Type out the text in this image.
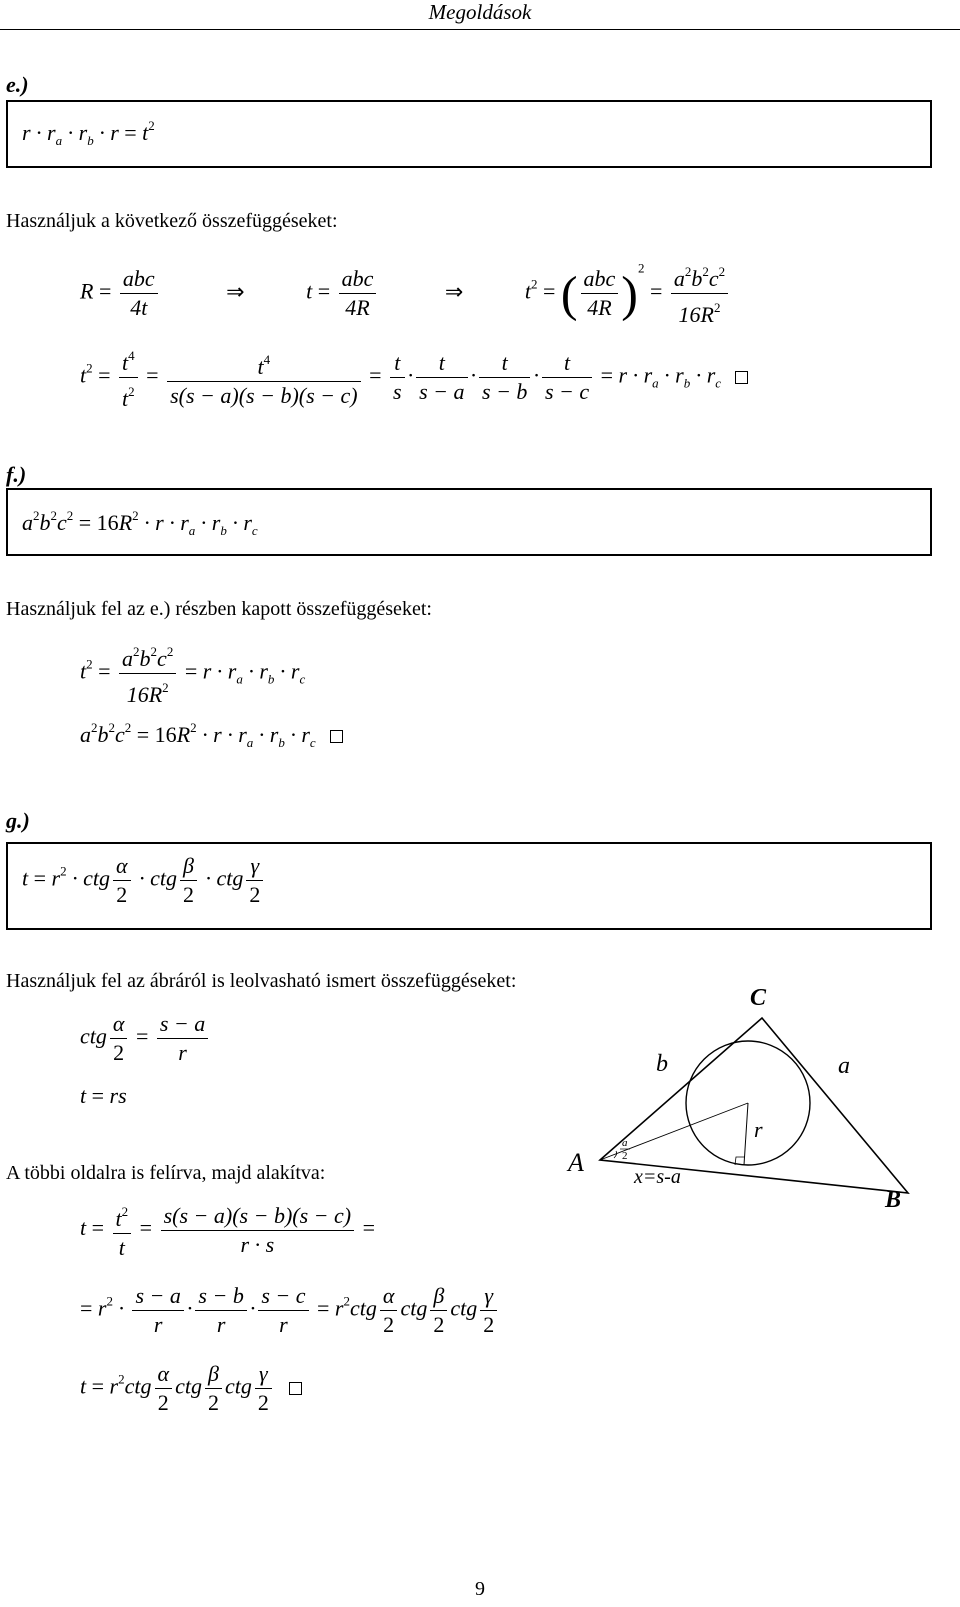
Megoldások
e.)
$r \cdot r_a \cdot r_b \cdot r = t^2$
Használjuk a következő összefüggéseket:
$R = \frac{\text{abc}}{4t}$	⇒	$t = \frac{\text{abc}}{4R}$	⇒	$t^2$ = ( $\frac{\text{abc}}{4R} )^2 = \frac{a^2b^2c^2}{16R^2}$
$t^2 = \frac{t^4}{t^2} = \frac{t^4}{s(s - a)(s - b)(s - c)} = \frac{t}{s} \cdot \frac{t}{s - a} \cdot \frac{t}{s - b} \cdot \frac{t}{s - c} = r \cdot r_a \cdot r_b \cdot r_c$
f.)
$a^2b^2c^2 = 16R^2 \cdot r \cdot r_a \cdot r_b \cdot r_c$
Használjuk fel az e.) részben kapott összefüggéseket:
$t^2 = \frac{a^2b^2c^2}{16R^2} = r \cdot r_a \cdot r_b \cdot r_c$
$a^2b^2c^2 = 16R^2 \cdot r \cdot r_a \cdot r_b \cdot r_c$
g.)
$t = r^2$ · ctg $\frac{\alpha}{2}$ · ctg $\frac{\beta}{2}$ · ctg $\frac{\gamma}{2}$
Használjuk fel az ábráról is leolvasható ismert összefüggéseket:
ctg $\frac{\alpha}{2} = \frac{s - a}{r}$
t = rs
A többi oldalra is felírva, majd alakítva:
$t = \frac{t^2}{t} = \frac{s(s - a)(s - b)(s - c)}{r \cdot s}$ =
= $r^2 \cdot \frac{s - a}{r} \cdot \frac{s - b}{r} \cdot \frac{s - c}{r} = r^2ctg \frac{\alpha}{2}$ ctg $\frac{\beta}{2}$ ctg $\frac{\gamma}{2}$
$t = r^2ctg \frac{\alpha}{2}$ ctg $\frac{\beta}{2}$ ctg $\frac{\gamma}{2}$
A
B
C
a
b
r
a
2
x=s-a
9
